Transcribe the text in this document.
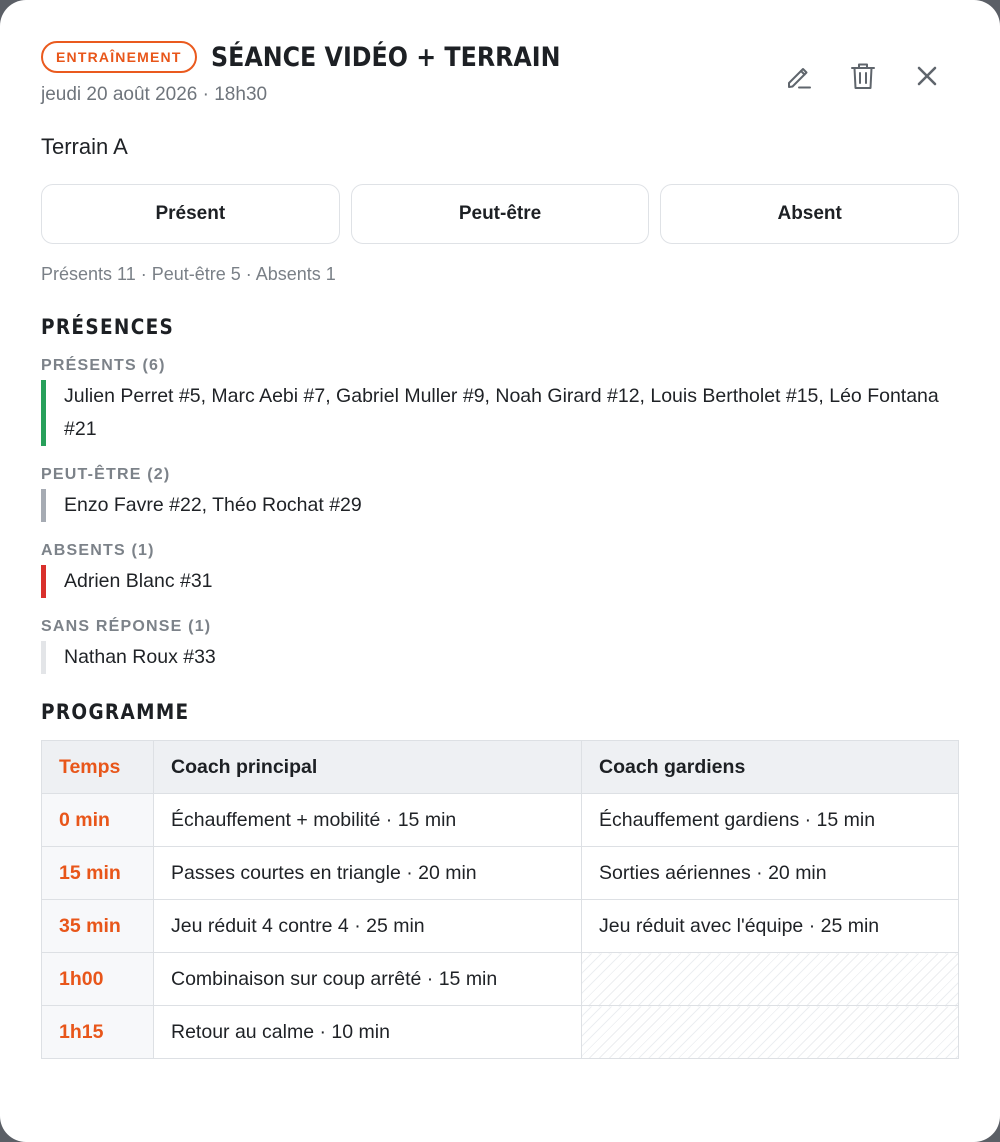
ENTRAÎNEMENT	SÉANCE VIDÉO + TERRAIN
jeudi 20 août 2026 · 18h30
Terrain A
Présent	Peut-être	Absent
Présents 11 · Peut-être 5 · Absents 1
PRÉSENCES
PRÉSENTS (6)
Julien Perret #5, Marc Aebi #7, Gabriel Muller #9, Noah Girard #12, Louis Bertholet #15, Léo Fontana #21
PEUT-ÊTRE (2)
Enzo Favre #22, Théo Rochat #29
ABSENTS (1)
Adrien Blanc #31
SANS RÉPONSE (1)
Nathan Roux #33
PROGRAMME
Temps	Coach principal	Coach gardiens
0 min	Échauffement + mobilité · 15 min	Échauffement gardiens · 15 min
15 min	Passes courtes en triangle · 20 min	Sorties aériennes · 20 min
35 min	Jeu réduit 4 contre 4 · 25 min	Jeu réduit avec l'équipe · 25 min
1h00	Combinaison sur coup arrêté · 15 min	
1h15	Retour au calme · 10 min	
